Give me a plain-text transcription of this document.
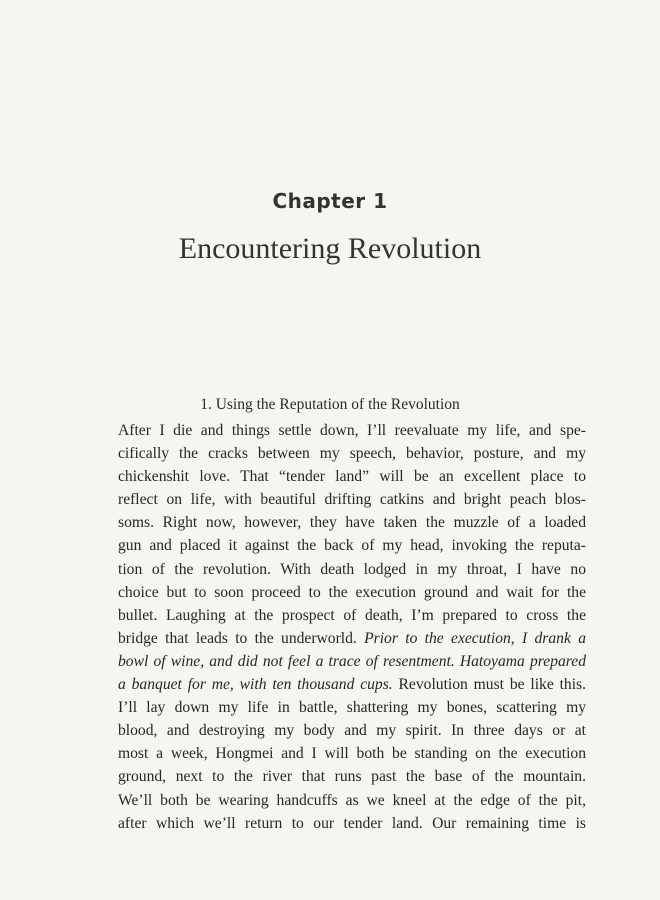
Chapter 1
Encountering Revolution
1. Using the Reputation of the Revolution
After I die and things settle down, I’ll reevaluate my life, and spe-
cifically the cracks between my speech, behavior, posture, and my
chickenshit love. That “tender land” will be an excellent place to
reflect on life, with beautiful drifting catkins and bright peach blos-
soms. Right now, however, they have taken the muzzle of a loaded
gun and placed it against the back of my head, invoking the reputa-
tion of the revolution. With death lodged in my throat, I have no
choice but to soon proceed to the execution ground and wait for the
bullet. Laughing at the prospect of death, I’m prepared to cross the
bridge that leads to the underworld. Prior to the execution, I drank a
bowl of wine, and did not feel a trace of resentment. Hatoyama prepared
a banquet for me, with ten thousand cups. Revolution must be like this.
I’ll lay down my life in battle, shattering my bones, scattering my
blood, and destroying my body and my spirit. In three days or at
most a week, Hongmei and I will both be standing on the execution
ground, next to the river that runs past the base of the mountain.
We’ll both be wearing handcuffs as we kneel at the edge of the pit,
after which we’ll return to our tender land. Our remaining time is
